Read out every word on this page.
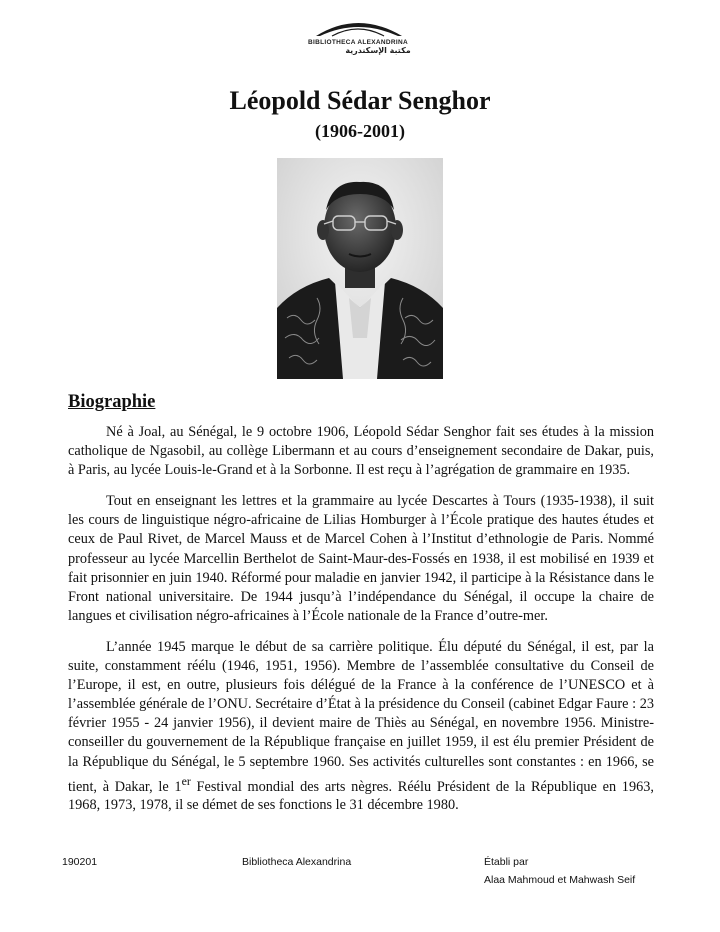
BIBLIOTHECA ALEXANDRINA
مكتبة الإسكندرية
Léopold Sédar Senghor
(1906-2001)
Biographie

Né à Joal, au Sénégal, le 9 octobre 1906, Léopold Sédar Senghor fait ses études à la mission catholique de Ngasobil, au collège Libermann et au cours d’enseignement secondaire de Dakar, puis, à Paris, au lycée Louis-le-Grand et à la Sorbonne. Il est reçu à l’agrégation de grammaire en 1935.

Tout en enseignant les lettres et la grammaire au lycée Descartes à Tours (1935-1938), il suit les cours de linguistique négro-africaine de Lilias Homburger à l’École pratique des hautes études et ceux de Paul Rivet, de Marcel Mauss et de Marcel Cohen à l’Institut d’ethnologie de Paris. Nommé professeur au lycée Marcellin Berthelot de Saint-Maur-des-Fossés en 1938, il est mobilisé en 1939 et fait prisonnier en juin 1940. Réformé pour maladie en janvier 1942, il participe à la Résistance dans le Front national universitaire. De 1944 jusqu’à l’indépendance du Sénégal, il occupe la chaire de langues et civilisation négro-africaines à l’École nationale de la France d’outre-mer.

L’année 1945 marque le début de sa carrière politique. Élu député du Sénégal, il est, par la suite, constamment réélu (1946, 1951, 1956). Membre de l’assemblée consultative du Conseil de l’Europe, il est, en outre, plusieurs fois délégué de la France à la conférence de l’UNESCO et à l’assemblée générale de l’ONU. Secrétaire d’État à la présidence du Conseil (cabinet Edgar Faure : 23 février 1955 - 24 janvier 1956), il devient maire de Thiès au Sénégal, en novembre 1956. Ministre-conseiller du gouvernement de la République française en juillet 1959, il est élu premier Président de la République du Sénégal, le 5 septembre 1960. Ses activités culturelles sont constantes : en 1966, se tient, à Dakar, le 1er Festival mondial des arts nègres. Réélu Président de la République en 1963, 1968, 1973, 1978, il se démet de ses fonctions le 31 décembre 1980.

190201	Bibliotheca Alexandrina	Établi par
Alaa Mahmoud et Mahwash Seif
